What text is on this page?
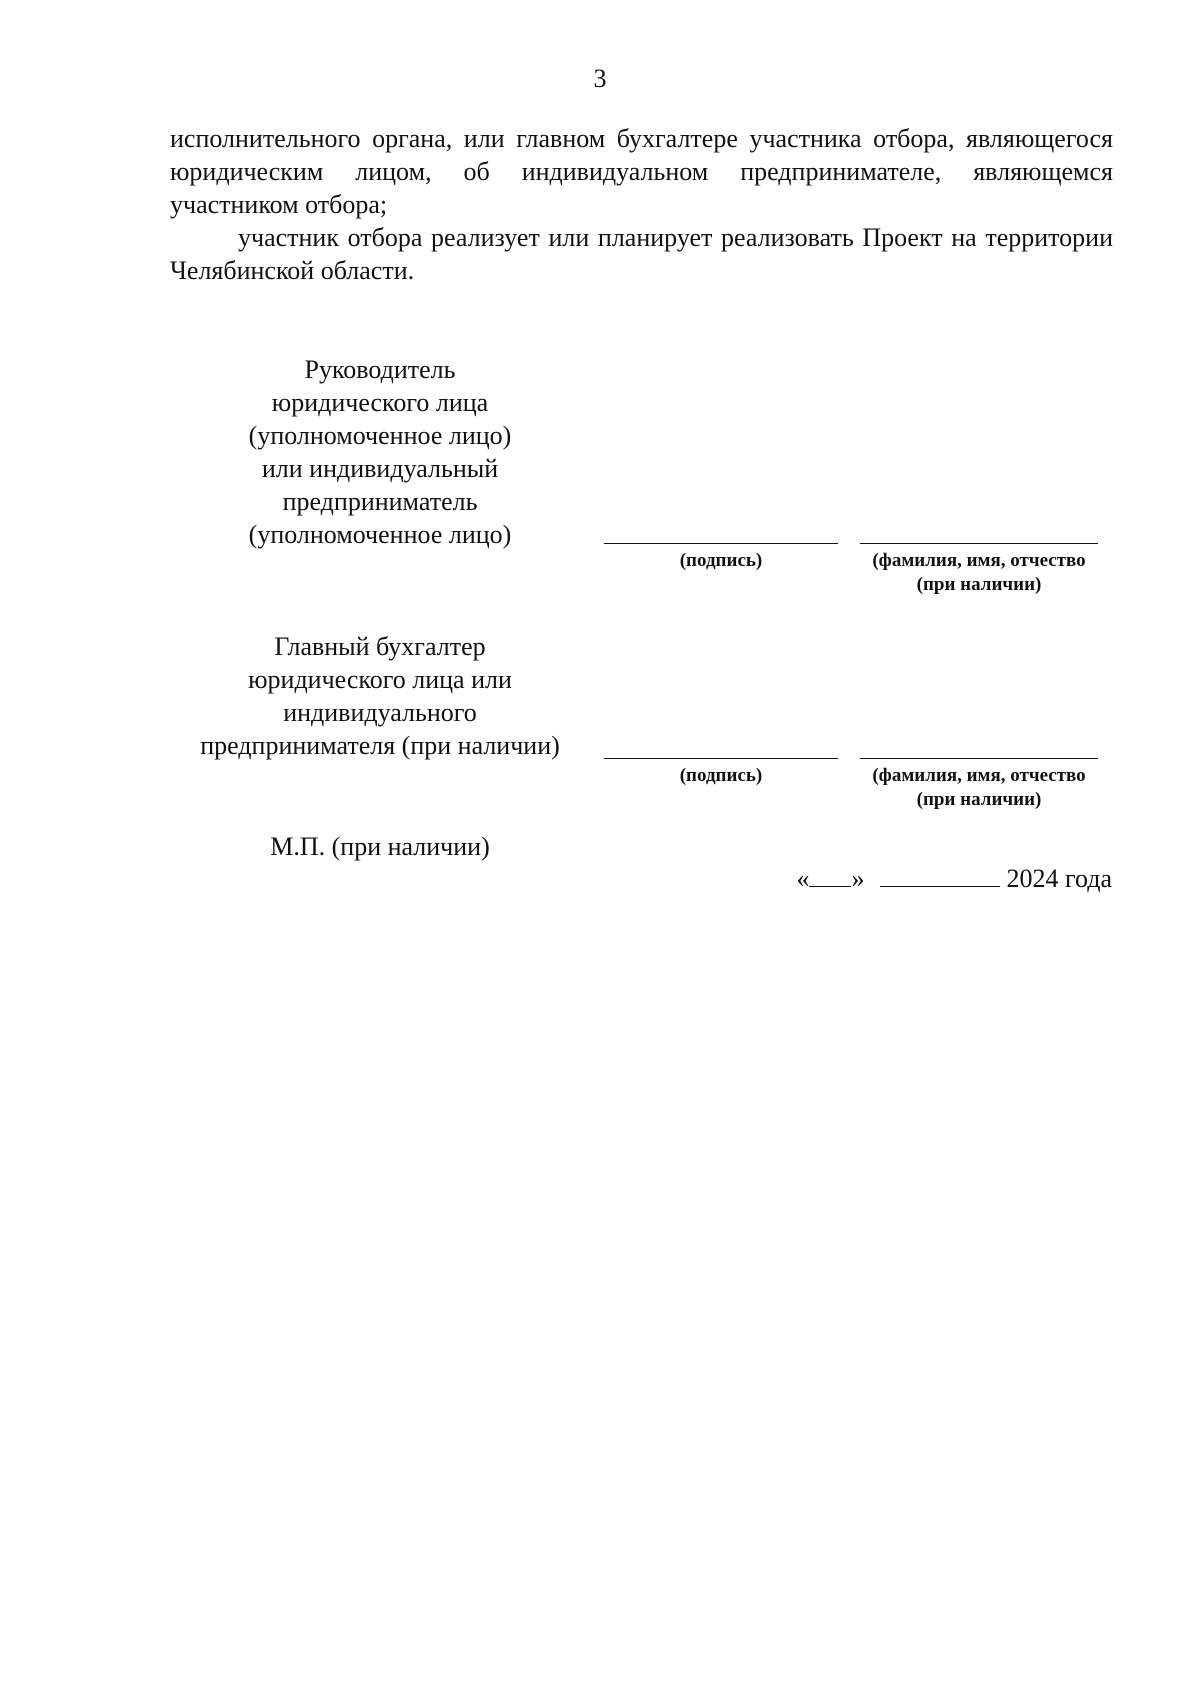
3

исполнительного органа, или главном бухгалтере участника отбора, являющегося юридическим лицом, об индивидуальном предпринимателе, являющемся участником отбора;

участник отбора реализует или планирует реализовать Проект на территории Челябинской области.

Руководитель
юридического лица
(уполномоченное лицо)
или индивидуальный
предприниматель
(уполномоченное лицо)
(подпись)	(фамилия, имя, отчество
(при наличии)
Главный бухгалтер
юридического лица или
индивидуального
предпринимателя (при наличии)
(подпись)	(фамилия, имя, отчество
(при наличии)
М.П. (при наличии)
« »	2024 года
